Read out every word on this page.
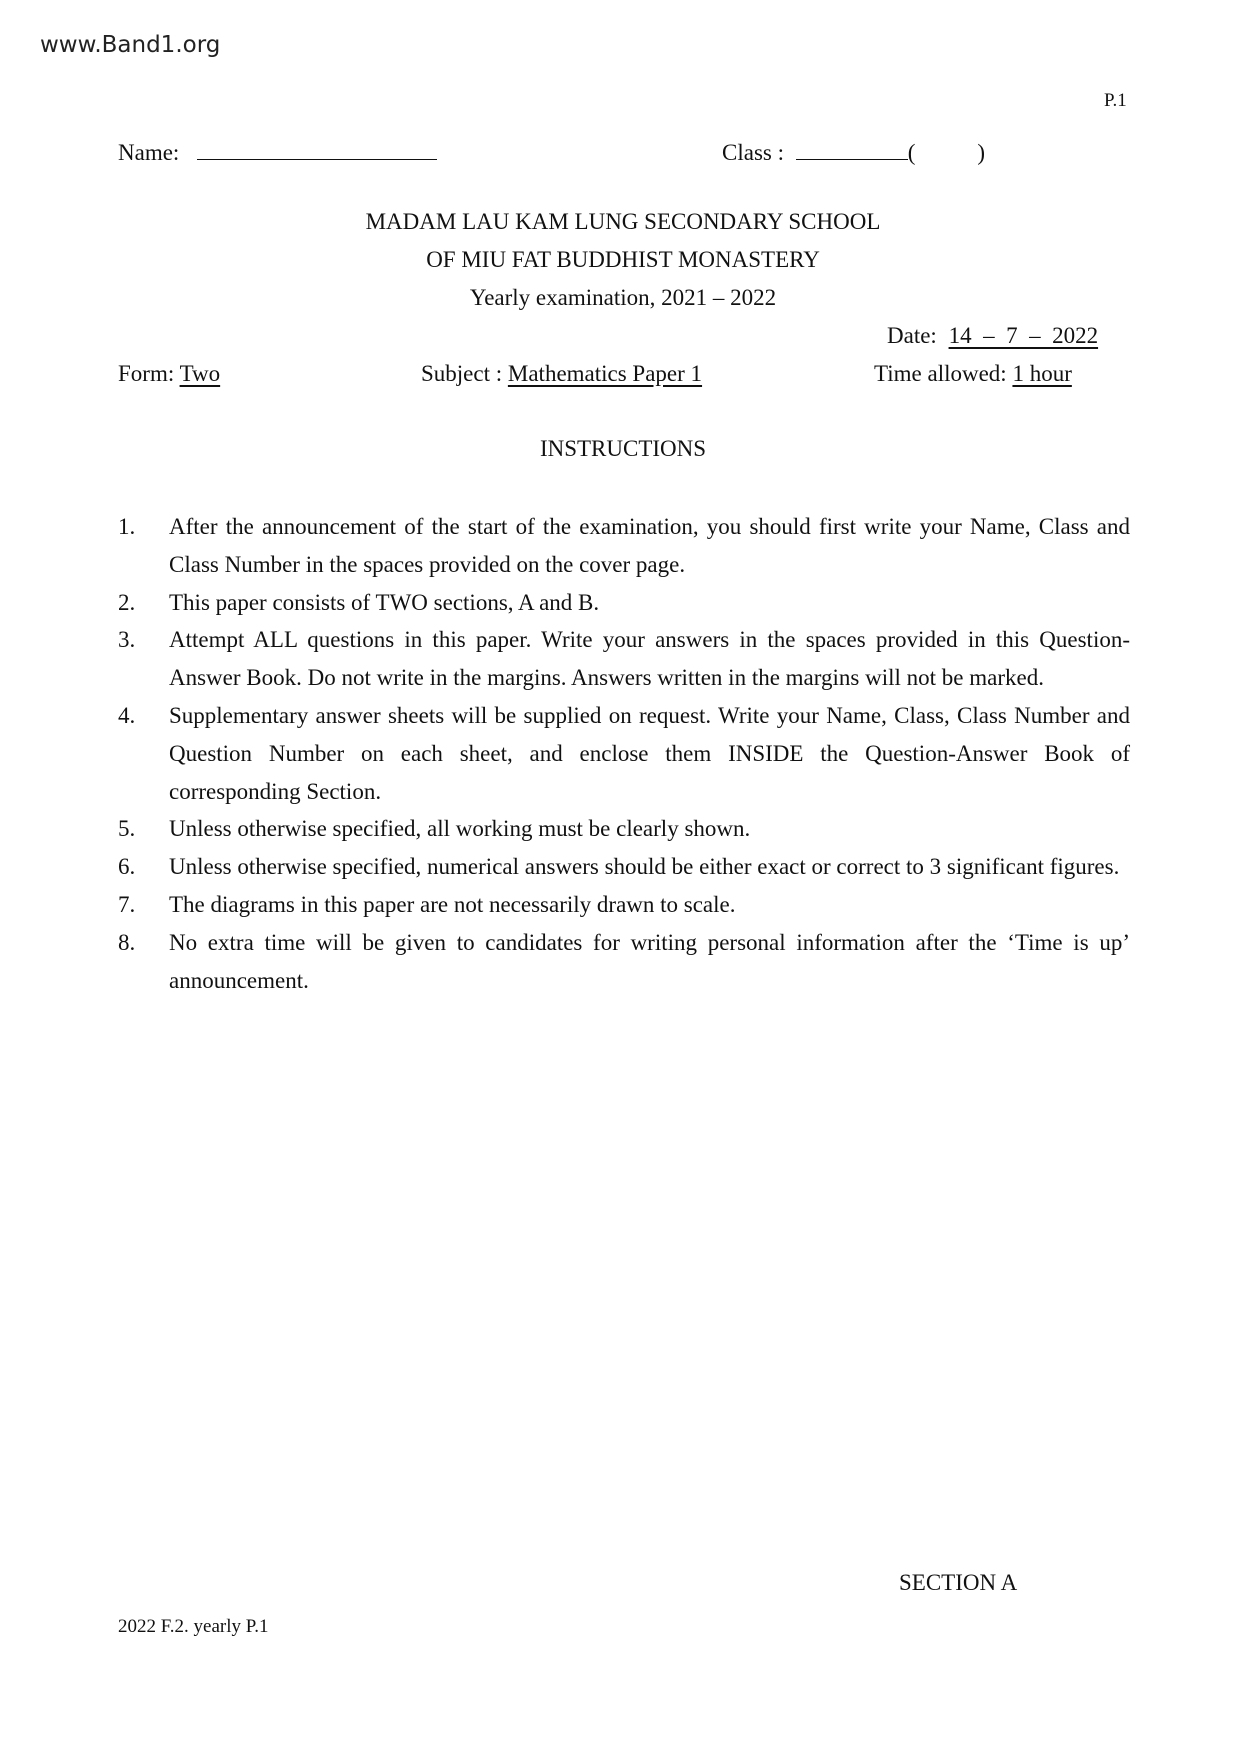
www.Band1.org
P.1
Name:	Class :	(	)
MADAM LAU KAM LUNG SECONDARY SCHOOL
OF MIU FAT BUDDHIST MONASTERY
Yearly examination, 2021 – 2022
Date: 14  –  7  –  2022
Form: Two	Subject : Mathematics Paper 1	Time allowed: 1 hour
INSTRUCTIONS
1.	After the announcement of the start of the examination, you should first write your Name, Class and Class Number in the spaces provided on the cover page.
2.	This paper consists of TWO sections, A and B.
3.	Attempt ALL questions in this paper. Write your answers in the spaces provided in this Question-Answer Book. Do not write in the margins. Answers written in the margins will not be marked.
4.	Supplementary answer sheets will be supplied on request. Write your Name, Class, Class Number and Question Number on each sheet, and enclose them INSIDE the Question-Answer Book of corresponding Section.
5.	Unless otherwise specified, all working must be clearly shown.
6.	Unless otherwise specified, numerical answers should be either exact or correct to 3 significant figures.
7.	The diagrams in this paper are not necessarily drawn to scale.
8.	No extra time will be given to candidates for writing personal information after the ‘Time is up’ announcement.
SECTION A
2022 F.2. yearly P.1
